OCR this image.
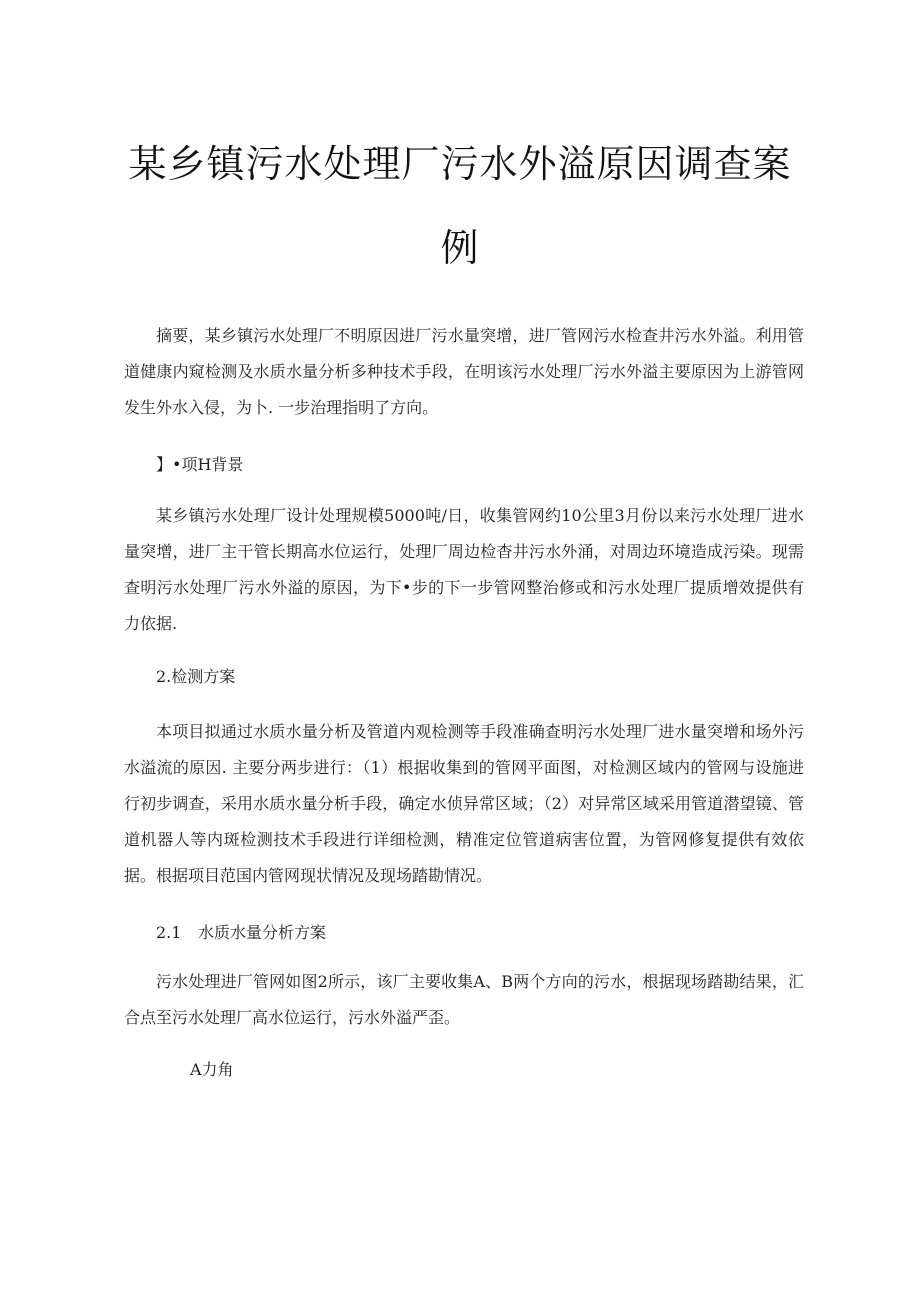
某乡镇污水处理厂污水外溢原因调查案
例

摘要，某乡镇污水处理厂不明原因进厂污水量突增，进厂管网污水检查井污水外溢。利用管道健康内窥检测及水质水量分析多种技术手段，在明该污水处理厂污水外溢主要原因为上游管网发生外水入侵，为卜. 一步治理指明了方向。

】•项H背景

某乡镇污水处理厂设计处理规模5000吨/日，收集管网约10公里3月份以来污水处理厂进水量突增，进厂主干管长期高水位运行，处理厂周边检杳井污水外涌，对周边环境造成污染。现需查明污水处理厂污水外溢的原因，为下•步的下一步管网整治修或和污水处理厂提质增效提供有力依据.

2.检测方案

本项目拟通过水质水量分析及管道内观检测等手段准确查明污水处理厂进水量突增和场外污水溢流的原因. 主要分两步进行：（1）根据收集到的管网平面图，对检测区域内的管网与设施进行初步调查，采用水质水量分析手段，确定水侦异常区域；（2）对异常区域采用管道潜望镜、管道机器人等内斑检测技术手段进行详细检测，精准定位管道病害位置，为管网修复提供有效依据。根据项目范国内管网现状情况及现场踏勘情况。

2.1 水质水量分析方案

污水处理进厂管网如图2所示，该厂主要收集A、B两个方向的污水，根据现场踏勘结果，汇合点至污水处理厂高水位运行，污水外溢严歪。

A力角
